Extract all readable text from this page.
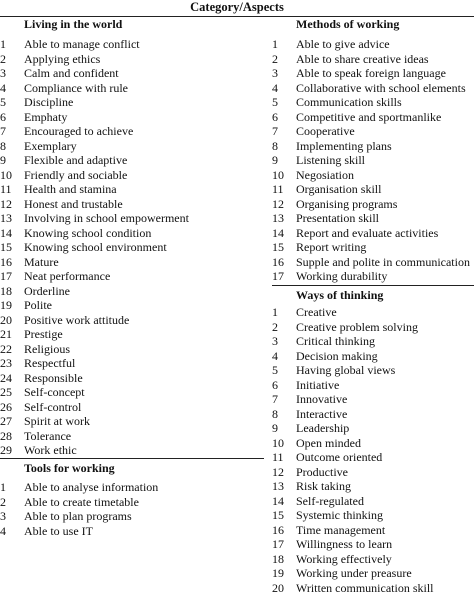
Category/Aspects
Living in the world
1 Able to manage conflict
2 Applying ethics
3 Calm and confident
4 Compliance with rule
5 Discipline
6 Emphaty
7 Encouraged to achieve
8 Exemplary
9 Flexible and adaptive
10 Friendly and sociable
11 Health and stamina
12 Honest and trustable
13 Involving in school empowerment
14 Knowing school condition
15 Knowing school environment
16 Mature
17 Neat performance
18 Orderline
19 Polite
20 Positive work attitude
21 Prestige
22 Religious
23 Respectful
24 Responsible
25 Self-concept
26 Self-control
27 Spirit at work
28 Tolerance
29 Work ethic
Tools for working
1 Able to analyse information
2 Able to create timetable
3 Able to plan programs
4 Able to use IT
Methods of working
1 Able to give advice
2 Able to share creative ideas
3 Able to speak foreign language
4 Collaborative with school elements
5 Communication skills
6 Competitive and sportmanlike
7 Cooperative
8 Implementing plans
9 Listening skill
10 Negosiation
11 Organisation skill
12 Organising programs
13 Presentation skill
14 Report and evaluate activities
15 Report writing
16 Supple and polite in communication
17 Working durability
Ways of thinking
1 Creative
2 Creative problem solving
3 Critical thinking
4 Decision making
5 Having global views
6 Initiative
7 Innovative
8 Interactive
9 Leadership
10 Open minded
11 Outcome oriented
12 Productive
13 Risk taking
14 Self-regulated
15 Systemic thinking
16 Time management
17 Willingness to learn
18 Working effectively
19 Working under preasure
20 Written communication skill
